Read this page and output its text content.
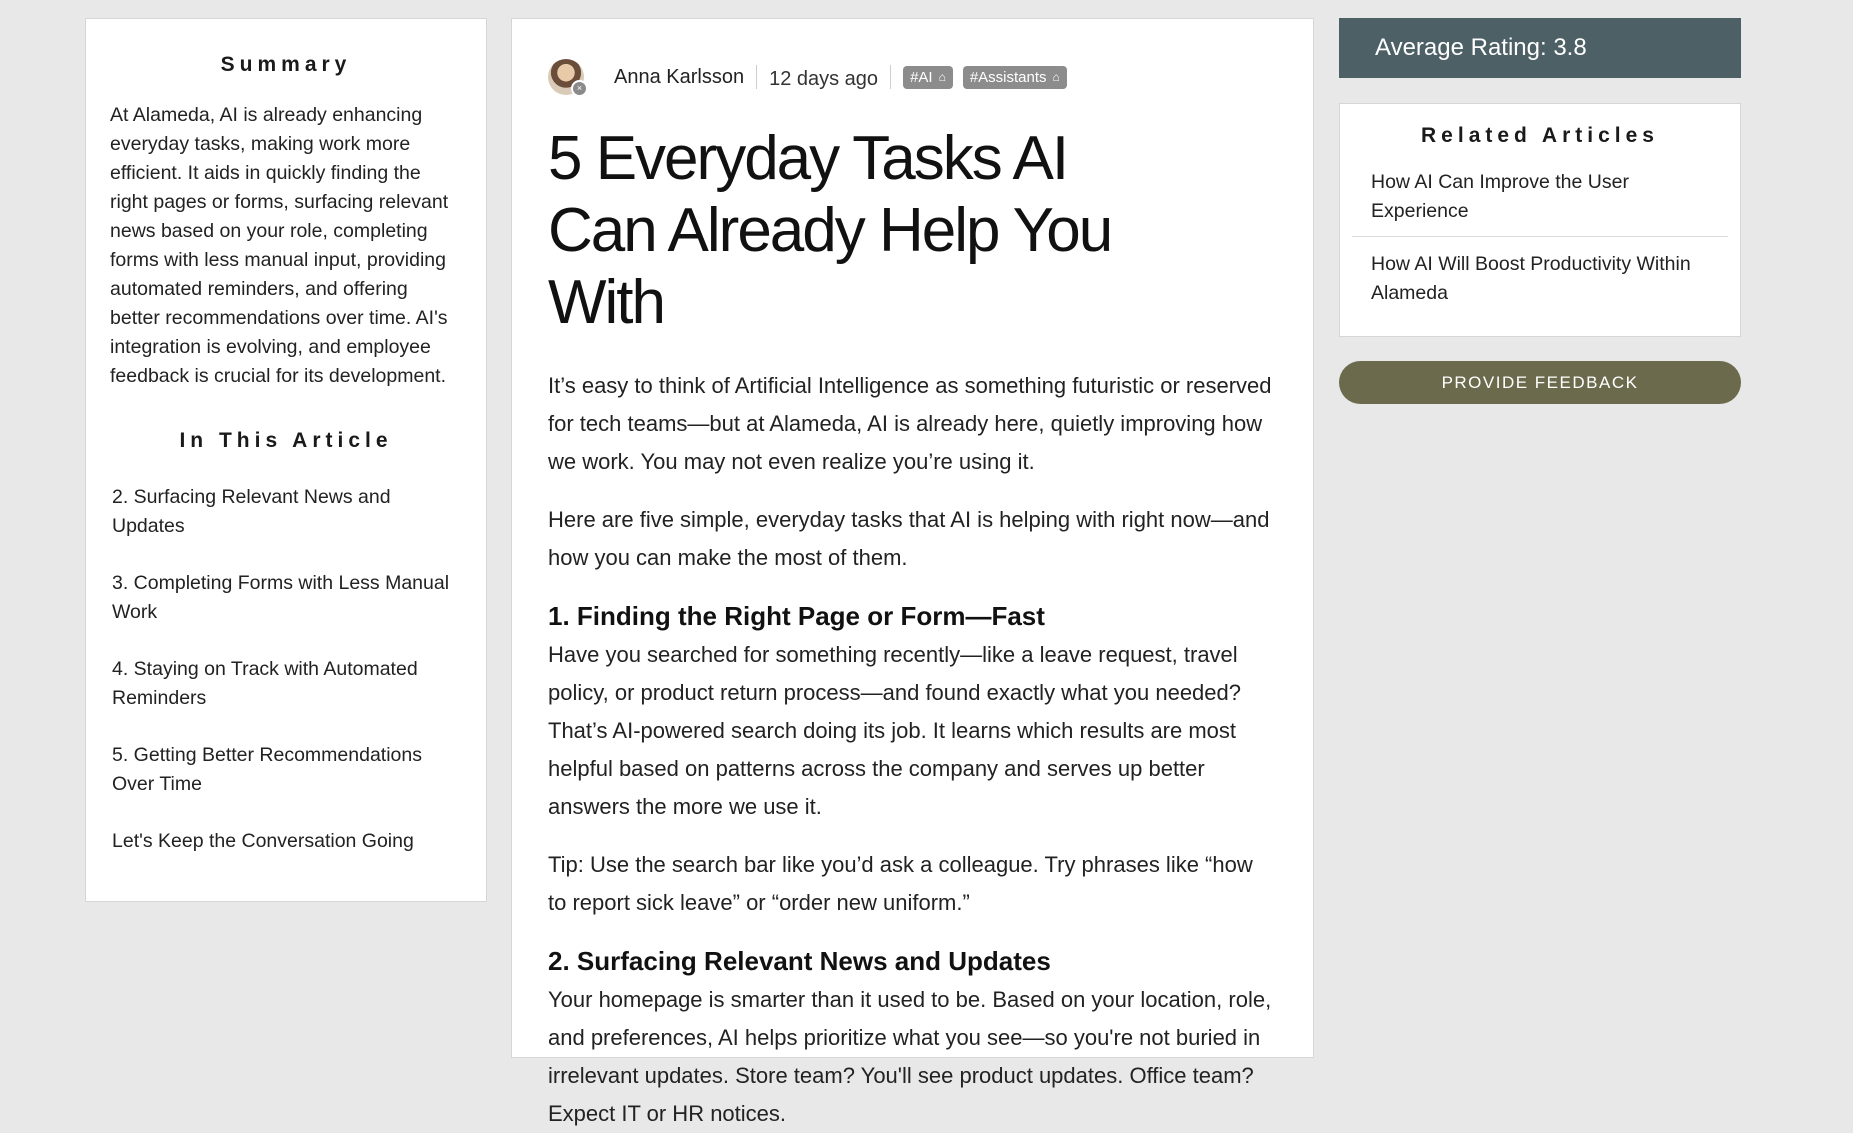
Summary

At Alameda, AI is already enhancing everyday tasks, making work more efficient. It aids in quickly finding the right pages or forms, surfacing relevant news based on your role, completing forms with less manual input, providing automated reminders, and offering better recommendations over time. AI's integration is evolving, and employee feedback is crucial for its development.

In This Article
2. Surfacing Relevant News and Updates
3. Completing Forms with Less Manual Work
4. Staying on Track with Automated Reminders
5. Getting Better Recommendations Over Time
Let's Keep the Conversation Going
×
Anna Karlsson 12 days ago #AI ⌂ #Assistants ⌂
5 Everyday Tasks AI Can Already Help You With

It’s easy to think of Artificial Intelligence as something futuristic or reserved for tech teams—but at Alameda, AI is already here, quietly improving how we work. You may not even realize you’re using it.

Here are five simple, everyday tasks that AI is helping with right now—and how you can make the most of them.

1. Finding the Right Page or Form—Fast

Have you searched for something recently—like a leave request, travel policy, or product return process—and found exactly what you needed? That’s AI-powered search doing its job. It learns which results are most helpful based on patterns across the company and serves up better answers the more we use it.

Tip: Use the search bar like you’d ask a colleague. Try phrases like “how to report sick leave” or “order new uniform.”

2. Surfacing Relevant News and Updates

Your homepage is smarter than it used to be. Based on your location, role, and preferences, AI helps prioritize what you see—so you're not buried in irrelevant updates. Store team? You'll see product updates. Office team? Expect IT or HR notices.

Average Rating: 3.8
Related Articles
How AI Can Improve the User Experience
How AI Will Boost Productivity Within Alameda
PROVIDE FEEDBACK
